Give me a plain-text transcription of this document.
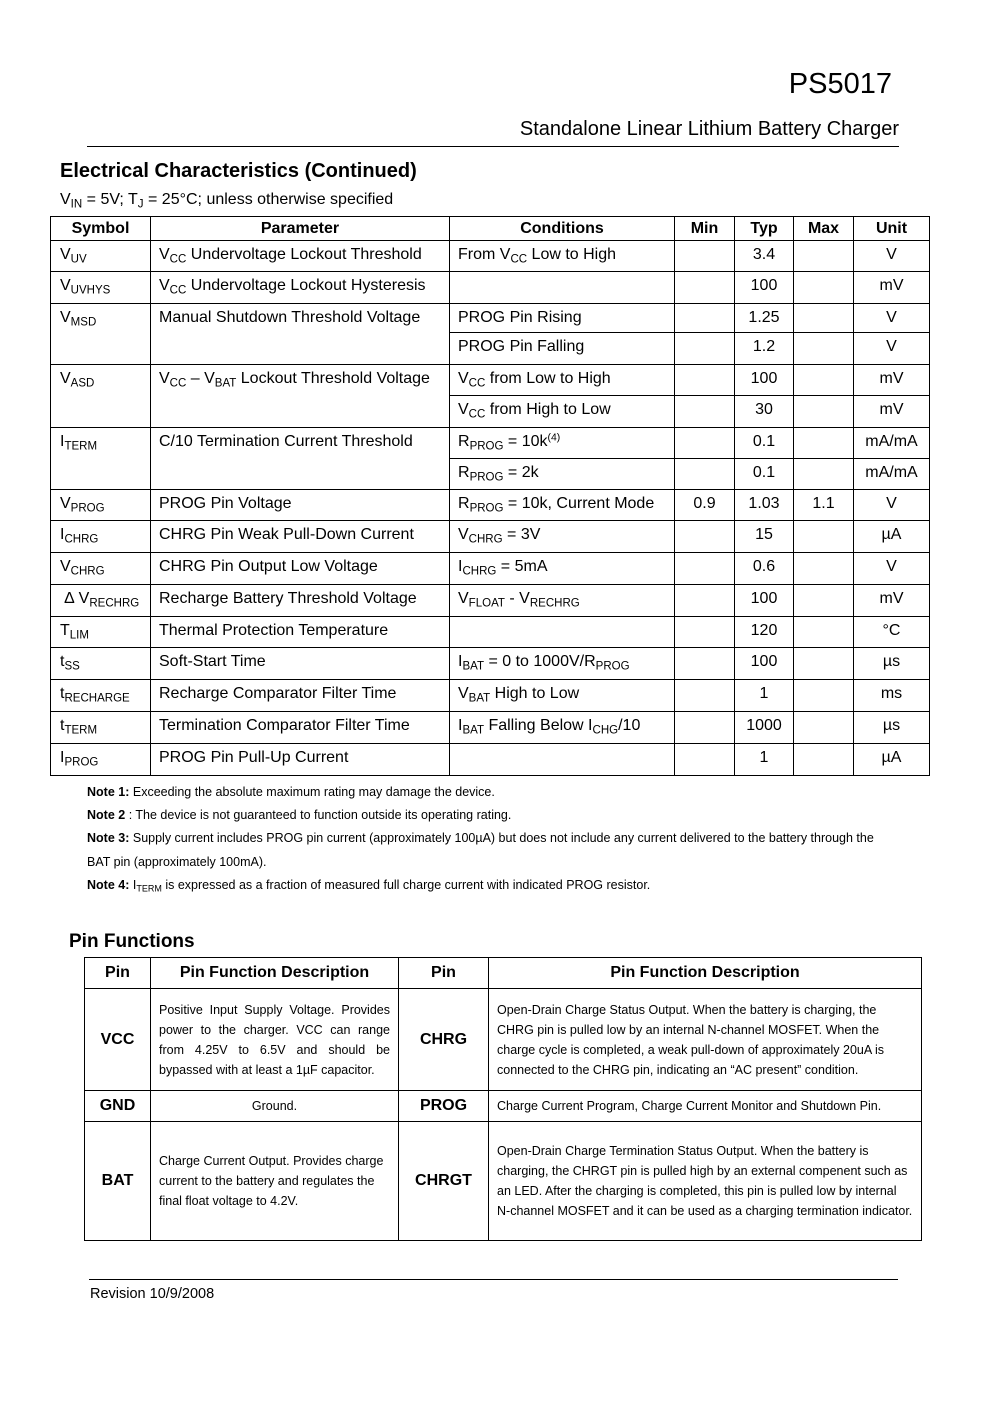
PS5017
Standalone Linear Lithium Battery Charger
Electrical Characteristics (Continued)
$V_{IN} = 5V$; $T_J = 25^\circ C$; unless otherwise specified
Symbol	Parameter	Conditions	Min	Typ	Max	Unit
$V_{UV}$	$V_{CC}$ Undervoltage Lockout Threshold	From $V_{CC}$ Low to High		3.4		V
$V_{UVHYS}$	$V_{CC}$ Undervoltage Lockout Hysteresis			100		mV
$V_{MSD}$	Manual Shutdown Threshold Voltage	PROG Pin Rising		1.25		V
		PROG Pin Falling		1.2		V
$V_{ASD}$	$V_{CC} - V_{BAT}$ Lockout Threshold Voltage	$V_{CC}$ from Low to High		100		mV
		$V_{CC}$ from High to Low		30		mV
$I_{TERM}$	C/10 Termination Current Threshold	$R_{PROG} = 10k^{(4)}$		0.1		mA/mA
		$R_{PROG} = 2k$		0.1		mA/mA
$V_{PROG}$	PROG Pin Voltage	$R_{PROG} = 10k$, Current Mode	0.9	1.03	1.1	V
$I_{CHRG}$	CHRG Pin Weak Pull-Down Current	$V_{CHRG} = 3V$		15		µA
$V_{CHRG}$	CHRG Pin Output Low Voltage	$I_{CHRG} = 5mA$		0.6		V
∆ $V_{RECHRG}$	Recharge Battery Threshold Voltage	$V_{FLOAT} - V_{RECHRG}$		100		mV
$T_{LIM}$	Thermal Protection Temperature			120		°C
$t_{SS}$	Soft-Start Time	$I_{BAT} = 0$ to $1000V/R_{PROG}$		100		µs
$t_{RECHARGE}$	Recharge Comparator Filter Time	$V_{BAT}$ High to Low		1		ms
$t_{TERM}$	Termination Comparator Filter Time	$I_{BAT}$ Falling Below $I_{CHG}/10$		1000		µs
$I_{PROG}$	PROG Pin Pull-Up Current			1		µA

Note 1: Exceeding the absolute maximum rating may damage the device.

Note 2 : The device is not guaranteed to function outside its operating rating.

Note 3: Supply current includes PROG pin current (approximately 100µA) but does not include any current delivered to the battery through the BAT pin (approximately 100mA).

Note 4: $I_{TERM}$ is expressed as a fraction of measured full charge current with indicated PROG resistor.

Pin Functions
Pin	Pin Function Description	Pin	Pin Function Description
VCC	Positive Input Supply Voltage. Provides power to the charger. VCC can range from 4.25V to 6.5V and should be bypassed with at least a 1µF capacitor.	CHRG	Open-Drain Charge Status Output. When the battery is charging, the CHRG pin is pulled low by an internal N-channel MOSFET. When the charge cycle is completed, a weak pull-down of approximately 20uA is connected to the CHRG pin, indicating an “AC present” condition.
GND	Ground.	PROG	Charge Current Program, Charge Current Monitor and Shutdown Pin.
BAT	Charge Current Output. Provides charge current to the battery and regulates the final float voltage to 4.2V.	CHRGT	Open-Drain Charge Termination Status Output. When the battery is charging, the CHRGT pin is pulled high by an external compenent such as an LED. After the charging is completed, this pin is pulled low by internal N-channel MOSFET and it can be used as a charging termination indicator.
Revision 10/9/2008
